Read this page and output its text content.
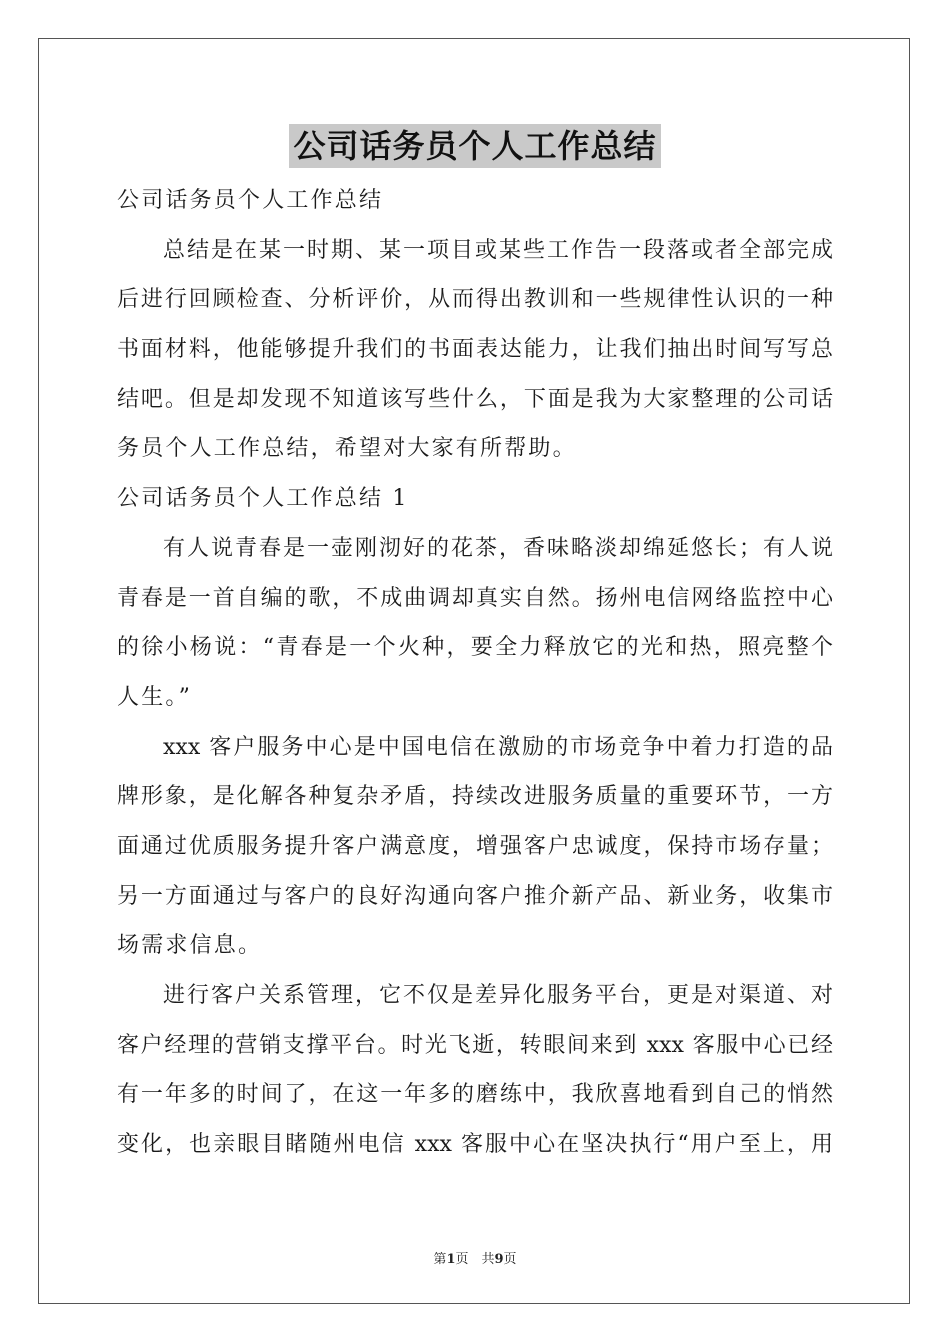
公司话务员个人工作总结
公司话务员个人工作总结
总结是在某一时期、某一项目或某些工作告一段落或者全部完成
后进行回顾检查、分析评价，从而得出教训和一些规律性认识的一种
书面材料，他能够提升我们的书面表达能力，让我们抽出时间写写总
结吧。但是却发现不知道该写些什么，下面是我为大家整理的公司话
务员个人工作总结，希望对大家有所帮助。
公司话务员个人工作总结 1
有人说青春是一壶刚沏好的花茶，香味略淡却绵延悠长；有人说
青春是一首自编的歌，不成曲调却真实自然。扬州电信网络监控中心
的徐小杨说：“青春是一个火种，要全力释放它的光和热，照亮整个
人生。”
xxx 客户服务中心是中国电信在激励的市场竞争中着力打造的品
牌形象，是化解各种复杂矛盾，持续改进服务质量的重要环节，一方
面通过优质服务提升客户满意度，增强客户忠诚度，保持市场存量；
另一方面通过与客户的良好沟通向客户推介新产品、新业务，收集市
场需求信息。
进行客户关系管理，它不仅是差异化服务平台，更是对渠道、对
客户经理的营销支撑平台。时光飞逝，转眼间来到 xxx 客服中心已经
有一年多的时间了，在这一年多的磨练中，我欣喜地看到自己的悄然
变化，也亲眼目睹随州电信 xxx 客服中心在坚决执行“用户至上，用
第1页　共9页
